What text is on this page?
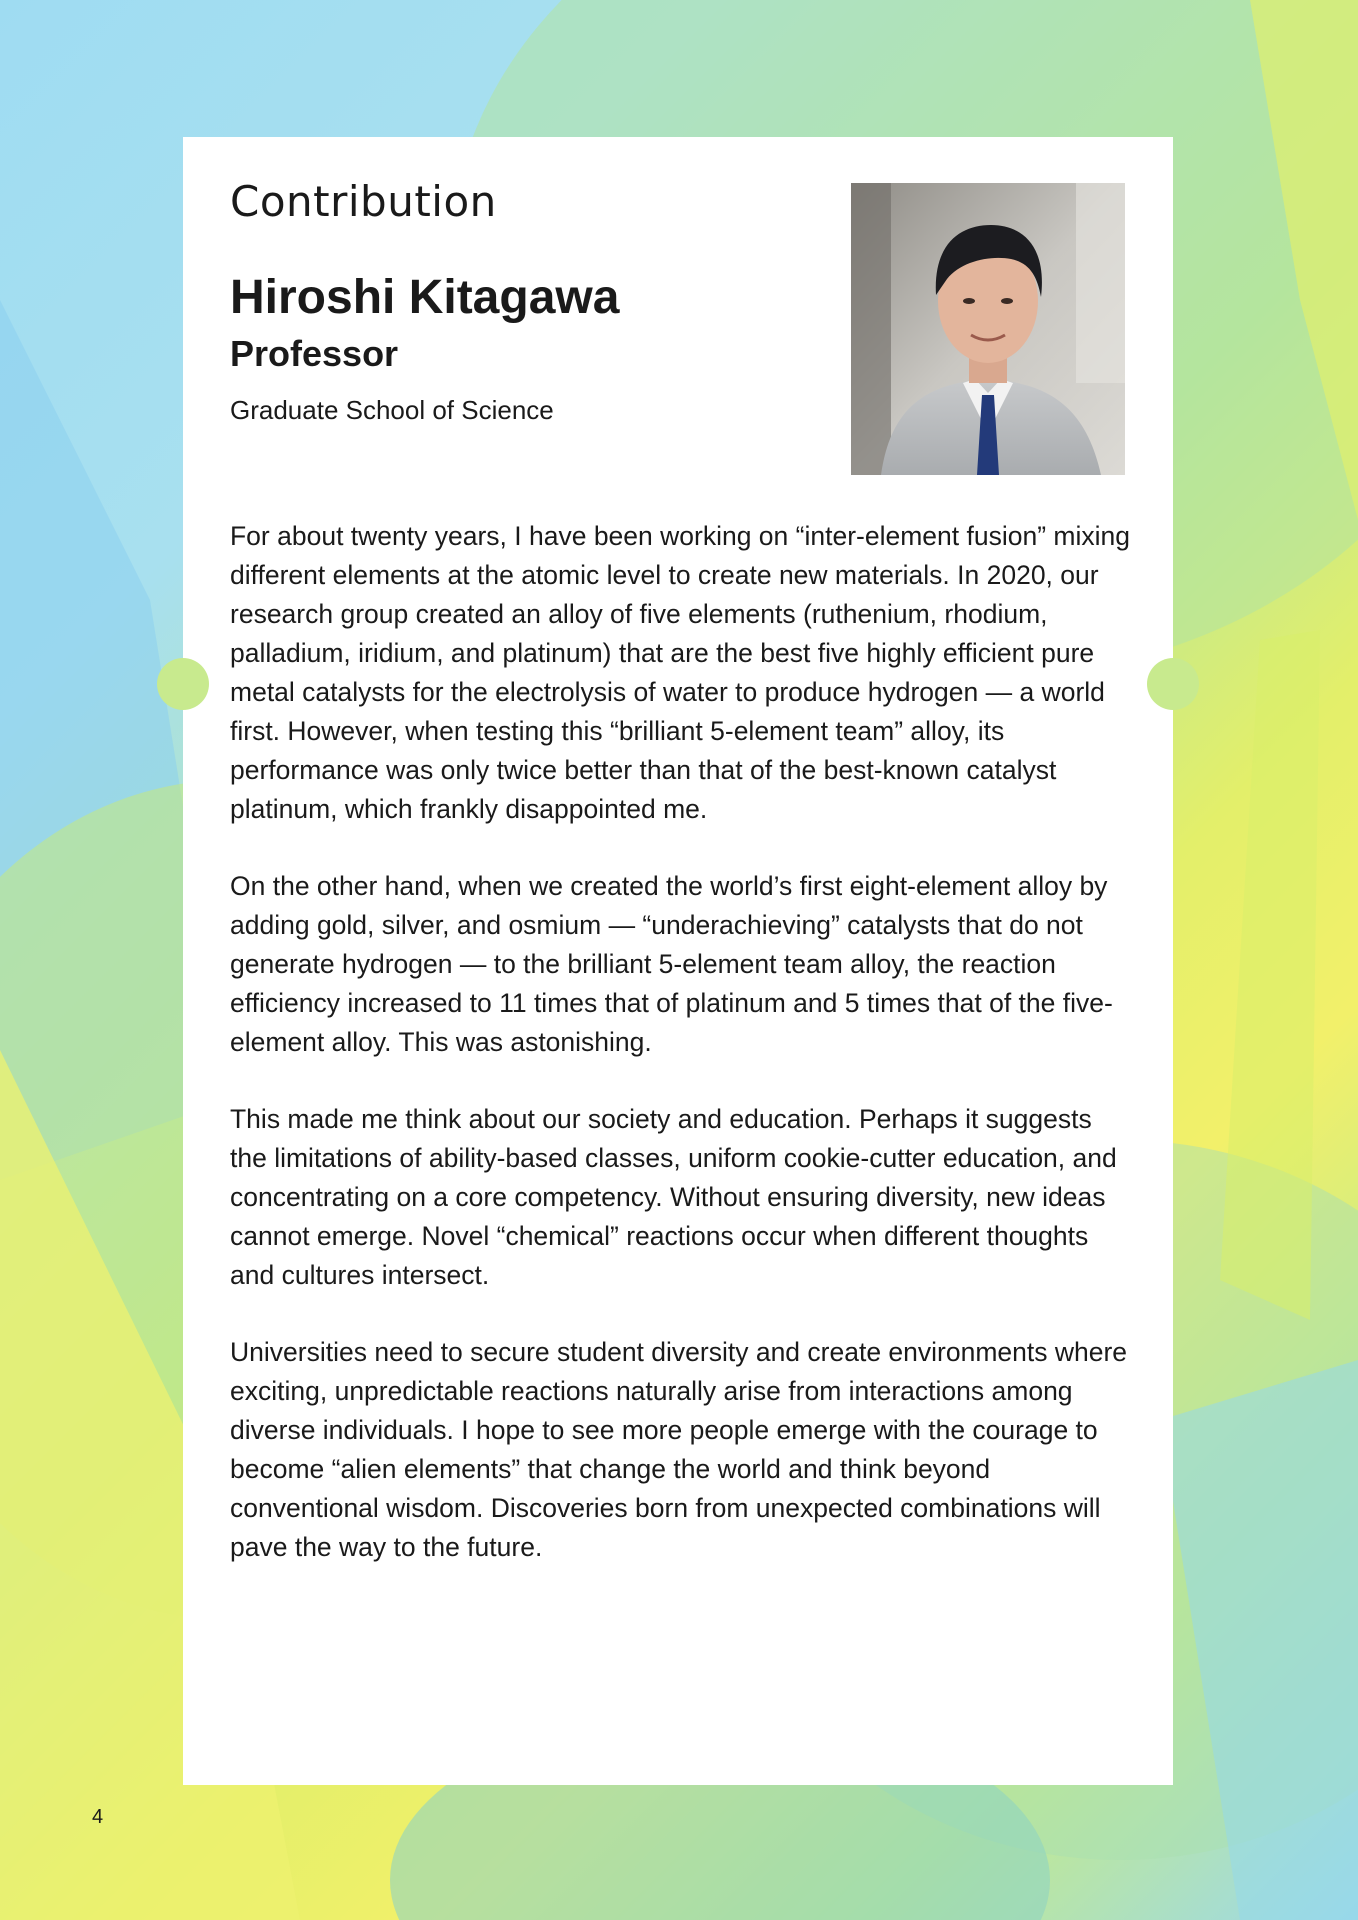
Contribution
Hiroshi Kitagawa
Professor

Graduate School of Science

For about twenty years, I have been working on “inter-element fusion” mixing different elements at the atomic level to create new materials. In 2020, our research group created an alloy of five elements (ruthenium, rhodium, palladium, iridium, and platinum) that are the best five highly efficient pure metal catalysts for the electrolysis of water to produce hydrogen — a world first. However, when testing this “brilliant 5-element team” alloy, its performance was only twice better than that of the best-known catalyst platinum, which frankly disappointed me.

On the other hand, when we created the world’s first eight-element alloy by adding gold, silver, and osmium — “underachieving” catalysts that do not generate hydrogen — to the brilliant 5-element team alloy, the reaction efficiency increased to 11 times that of platinum and 5 times that of the five-element alloy. This was astonishing.

This made me think about our society and education. Perhaps it suggests the limitations of ability-based classes, uniform cookie-cutter education, and concentrating on a core competency. Without ensuring diversity, new ideas cannot emerge. Novel “chemical” reactions occur when different thoughts and cultures intersect.

Universities need to secure student diversity and create environments where exciting, unpredictable reactions naturally arise from interactions among diverse individuals. I hope to see more people emerge with the courage to become “alien elements” that change the world and think beyond conventional wisdom. Discoveries born from unexpected combinations will pave the way to the future.

4
